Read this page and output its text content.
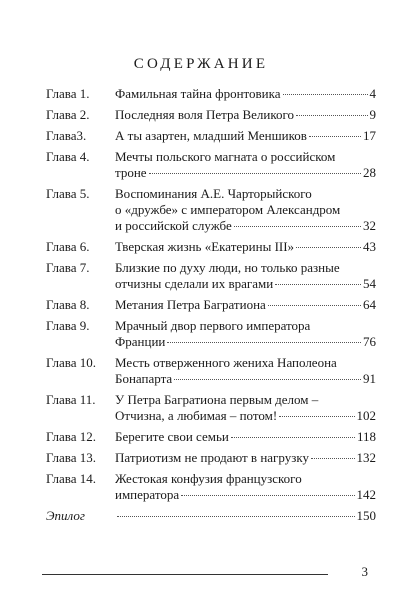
СОДЕРЖАНИЕ
Глава 1.	Фамильная тайна фронтовика	4
Глава 2.	Последняя воля Петра Великого	9
Глава3.	А ты азартен, младший Меншиков	17
Глава 4.	Мечты польского магната о российском
троне	28
Глава 5.	Воспоминания А.Е. Чарторыйского
о «дружбе» с императором Александром
и российской службе	32
Глава 6.	Тверская жизнь «Екатерины III»	43
Глава 7.	Близкие по духу люди, но только разные
отчизны сделали их врагами	54
Глава 8.	Метания Петра Багратиона	64
Глава 9.	Мрачный двор первого императора
Франции	76
Глава 10.	Месть отверженного жениха Наполеона
Бонапарта	91
Глава 11.	У Петра Багратиона первым делом –
Отчизна, а любимая – потом!	102
Глава 12.	Берегите свои семьи	118
Глава 13.	Патриотизм не продают в нагрузку	132
Глава 14.	Жестокая конфузия французского
императора	142
Эпилог	150
3
